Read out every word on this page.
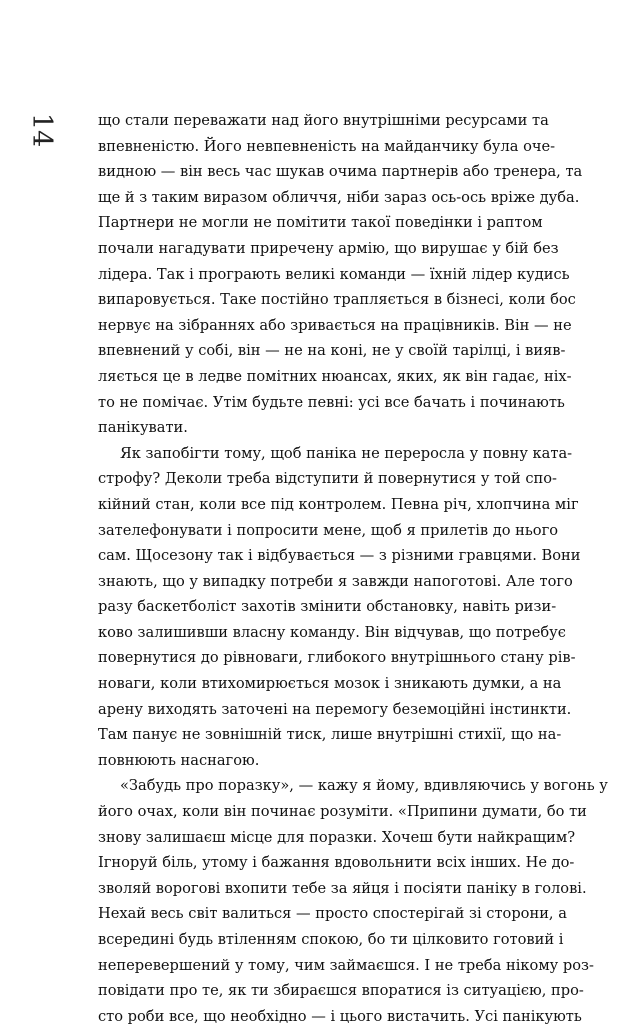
14	що стали переважати над його внутрішніми ресурсами та
впевненістю. Його невпевненість на майданчику була оче-
видною — він весь час шукав очима партнерів або тренера, та
ще й з таким виразом обличчя, ніби зараз ось-ось вріже дуба.
Партнери не могли не помітити такої поведінки і раптом
почали нагадувати приречену армію, що вирушає у бій без
лідера. Так і програють великі команди — їхній лідер кудись
випаровується. Таке постійно трапляється в бізнесі, коли бос
нервує на зібраннях або зривається на працівників. Він — не
впевнений у собі, він — не на коні, не у своїй тарілці, і вияв-
ляється це в ледве помітних нюансах, яких, як він гадає, ніх-
то не помічає. Утім будьте певні: усі все бачать і починають
панікувати.
Як запобігти тому, щоб паніка не переросла у повну ката-
строфу? Деколи треба відступити й повернутися у той спо-
кійний стан, коли все під контролем. Певна річ, хлопчина міг
зателефонувати і попросити мене, щоб я прилетів до нього
сам. Щосезону так і відбувається — з різними гравцями. Вони
знають, що у випадку потреби я завжди напоготові. Але того
разу баскетболіст захотів змінити обстановку, навіть ризи-
ково залишивши власну команду. Він відчував, що потребує
повернутися до рівноваги, глибокого внутрішнього стану рів-
новаги, коли втихомирюється мозок і зникають думки, а на
арену виходять заточені на перемогу беземоційні інстинкти.
Там панує не зовнішній тиск, лише внутрішні стихії, що на-
повнюють наснагою.
«Забудь про поразку», — кажу я йому, вдивляючись у вогонь у
його очах, коли він починає розуміти. «Припини думати, бо ти
знову залишаєш місце для поразки. Хочеш бути найкращим?
Ігноруй біль, утому і бажання вдовольнити всіх інших. Не до-
зволяй ворогові вхопити тебе за яйця і посіяти паніку в голові.
Нехай весь світ валиться — просто спостерігай зі сторони, а
всередині будь втіленням спокою, бо ти цілковито готовий і
неперевершений у тому, чим займаєшся. І не треба нікому роз-
повідати про те, як ти збираєшся впоратися із ситуацією, про-
сто роби все, що необхідно — і цього вистачить. Усі панікують
